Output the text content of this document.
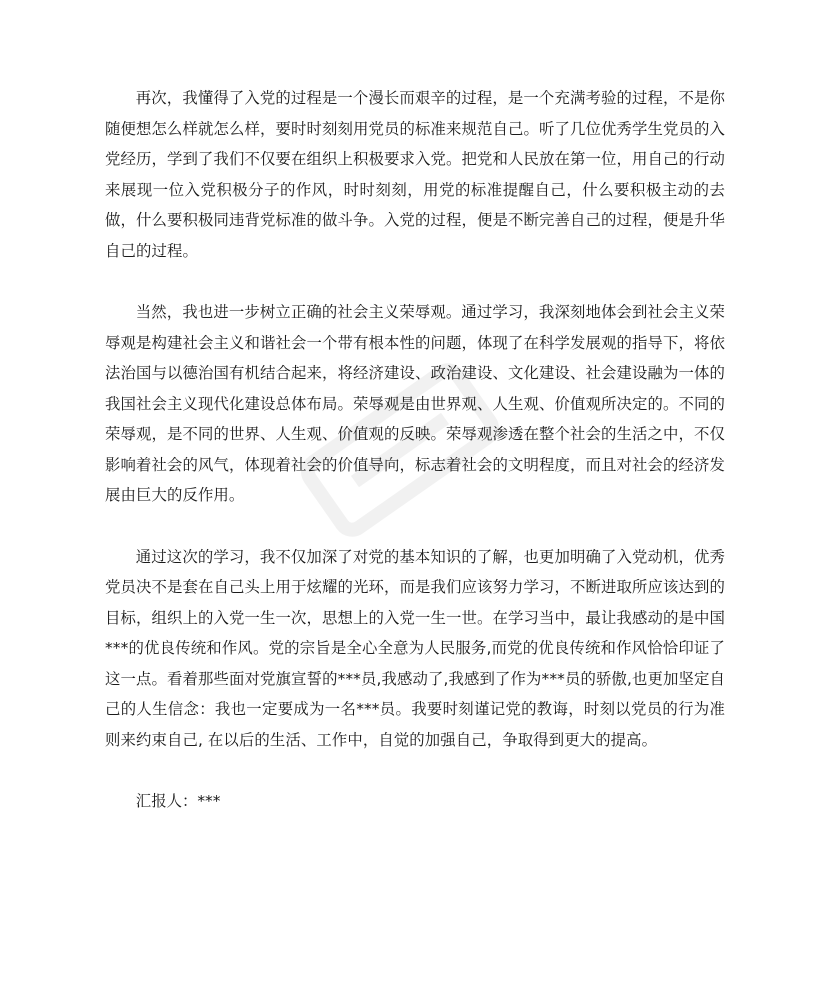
再次，我懂得了入党的过程是一个漫长而艰辛的过程，是一个充满考验的过程，不是你随便想怎么样就怎么样，要时时刻刻用党员的标准来规范自己。听了几位优秀学生党员的入党经历，学到了我们不仅要在组织上积极要求入党。把党和人民放在第一位，用自己的行动来展现一位入党积极分子的作风，时时刻刻，用党的标准提醒自己，什么要积极主动的去做，什么要积极同违背党标准的做斗争。入党的过程，便是不断完善自己的过程，便是升华自己的过程。

当然，我也进一步树立正确的社会主义荣辱观。通过学习，我深刻地体会到社会主义荣辱观是构建社会主义和谐社会一个带有根本性的问题，体现了在科学发展观的指导下，将依法治国与以德治国有机结合起来，将经济建设、政治建设、文化建设、社会建设融为一体的我国社会主义现代化建设总体布局。荣辱观是由世界观、人生观、价值观所决定的。不同的荣辱观，是不同的世界、人生观、价值观的反映。荣辱观渗透在整个社会的生活之中，不仅影响着社会的风气，体现着社会的价值导向，标志着社会的文明程度，而且对社会的经济发展由巨大的反作用。

通过这次的学习，我不仅加深了对党的基本知识的了解，也更加明确了入党动机，优秀党员决不是套在自己头上用于炫耀的光环，而是我们应该努力学习，不断进取所应该达到的目标，组织上的入党一生一次，思想上的入党一生一世。在学习当中，最让我感动的是中国***的优良传统和作风。党的宗旨是全心全意为人民服务,而党的优良传统和作风恰恰印证了这一点。看着那些面对党旗宣誓的***员,我感动了,我感到了作为***员的骄傲,也更加坚定自己的人生信念：我也一定要成为一名***员。我要时刻谨记党的教诲，时刻以党员的行为准则来约束自己, 在以后的生活、工作中，自觉的加强自己，争取得到更大的提高。

汇报人：***
